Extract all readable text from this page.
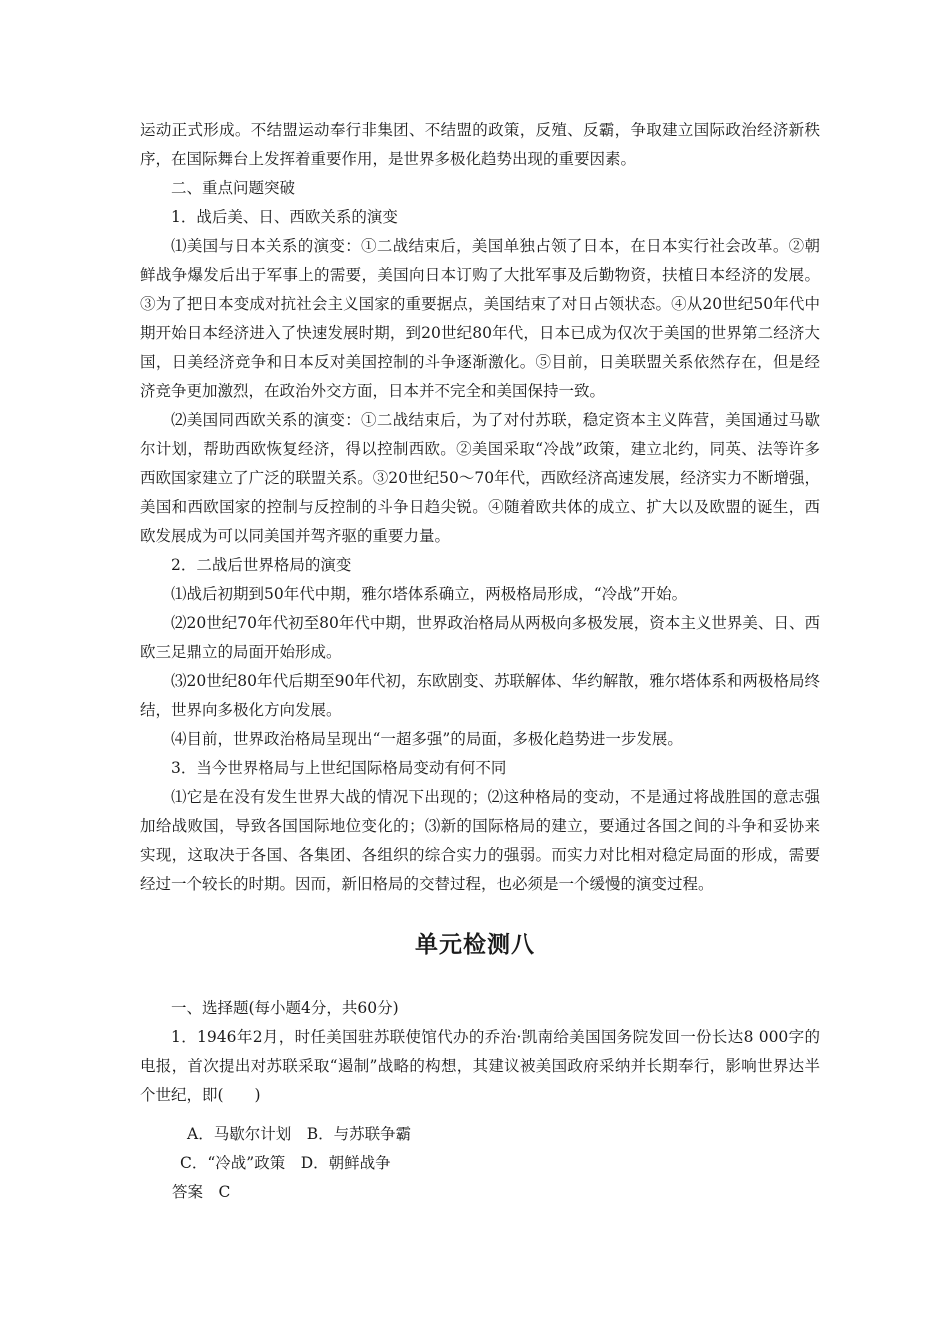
运动正式形成。不结盟运动奉行非集团、不结盟的政策，反殖、反霸，争取建立国际政治经济新秩序，在国际舞台上发挥着重要作用，是世界多极化趋势出现的重要因素。

二、重点问题突破

1．战后美、日、西欧关系的演变

⑴美国与日本关系的演变：①二战结束后，美国单独占领了日本，在日本实行社会改革。②朝鲜战争爆发后出于军事上的需要，美国向日本订购了大批军事及后勤物资，扶植日本经济的发展。③为了把日本变成对抗社会主义国家的重要据点，美国结束了对日占领状态。④从20世纪50年代中期开始日本经济进入了快速发展时期，到20世纪80年代，日本已成为仅次于美国的世界第二经济大国，日美经济竞争和日本反对美国控制的斗争逐渐激化。⑤目前，日美联盟关系依然存在，但是经济竞争更加激烈，在政治外交方面，日本并不完全和美国保持一致。

⑵美国同西欧关系的演变：①二战结束后，为了对付苏联，稳定资本主义阵营，美国通过马歇尔计划，帮助西欧恢复经济，得以控制西欧。②美国采取“冷战”政策，建立北约，同英、法等许多西欧国家建立了广泛的联盟关系。③20世纪50～70年代，西欧经济高速发展，经济实力不断增强，美国和西欧国家的控制与反控制的斗争日趋尖锐。④随着欧共体的成立、扩大以及欧盟的诞生，西欧发展成为可以同美国并驾齐驱的重要力量。

2．二战后世界格局的演变

⑴战后初期到50年代中期，雅尔塔体系确立，两极格局形成，“冷战”开始。

⑵20世纪70年代初至80年代中期，世界政治格局从两极向多极发展，资本主义世界美、日、西欧三足鼎立的局面开始形成。

⑶20世纪80年代后期至90年代初，东欧剧变、苏联解体、华约解散，雅尔塔体系和两极格局终结，世界向多极化方向发展。

⑷目前，世界政治格局呈现出“一超多强”的局面，多极化趋势进一步发展。

3．当今世界格局与上世纪国际格局变动有何不同

⑴它是在没有发生世界大战的情况下出现的；⑵这种格局的变动，不是通过将战胜国的意志强加给战败国，导致各国国际地位变化的；⑶新的国际格局的建立，要通过各国之间的斗争和妥协来实现，这取决于各国、各集团、各组织的综合实力的强弱。而实力对比相对稳定局面的形成，需要经过一个较长的时期。因而，新旧格局的交替过程，也必须是一个缓慢的演变过程。

单元检测八

一、选择题(每小题4分，共60分)

1．1946年2月，时任美国驻苏联使馆代办的乔治·凯南给美国国务院发回一份长达8 000字的电报，首次提出对苏联采取“遏制”战略的构想，其建议被美国政府采纳并长期奉行，影响世界达半个世纪，即(　　)

A．马歇尔计划　B．与苏联争霸

C．“冷战”政策　D．朝鲜战争

答案　C
